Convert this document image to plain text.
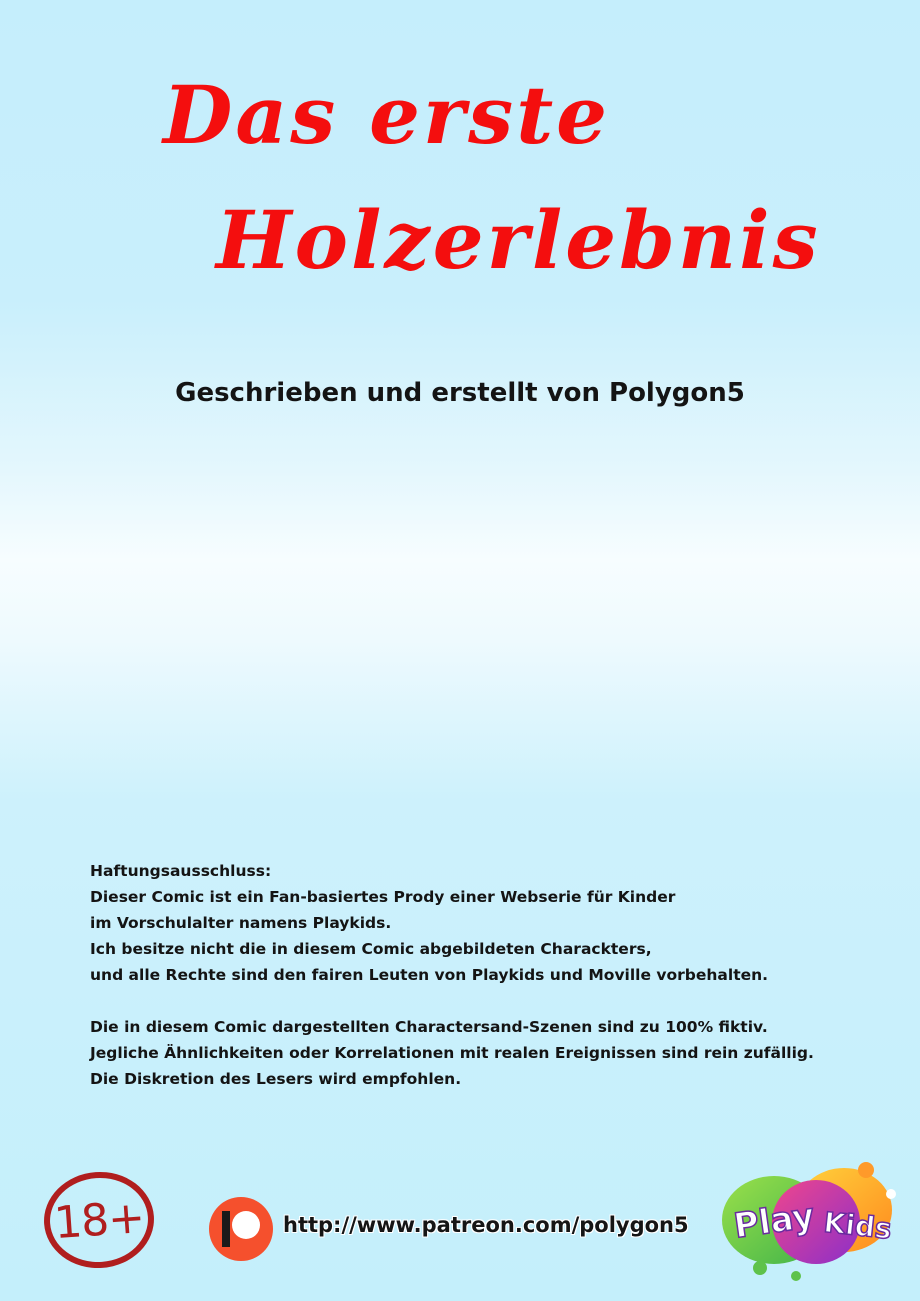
Das erste
Holzerlebnis

Geschrieben und erstellt von Polygon5

Haftungsausschluss:
Dieser Comic ist ein Fan-basiertes Prody einer Webserie für Kinder
im Vorschulalter namens Playkids.
Ich besitze nicht die in diesem Comic abgebildeten Charackters,
und alle Rechte sind den fairen Leuten von Playkids und Moville vorbehalten.
Die in diesem Comic dargestellten Charactersand-Szenen sind zu 100% fiktiv.
Jegliche Ähnlichkeiten oder Korrelationen mit realen Ereignissen sind rein zufällig.
Die Diskretion des Lesers wird empfohlen.
18+	http://www.patreon.com/polygon5 Play Kids
